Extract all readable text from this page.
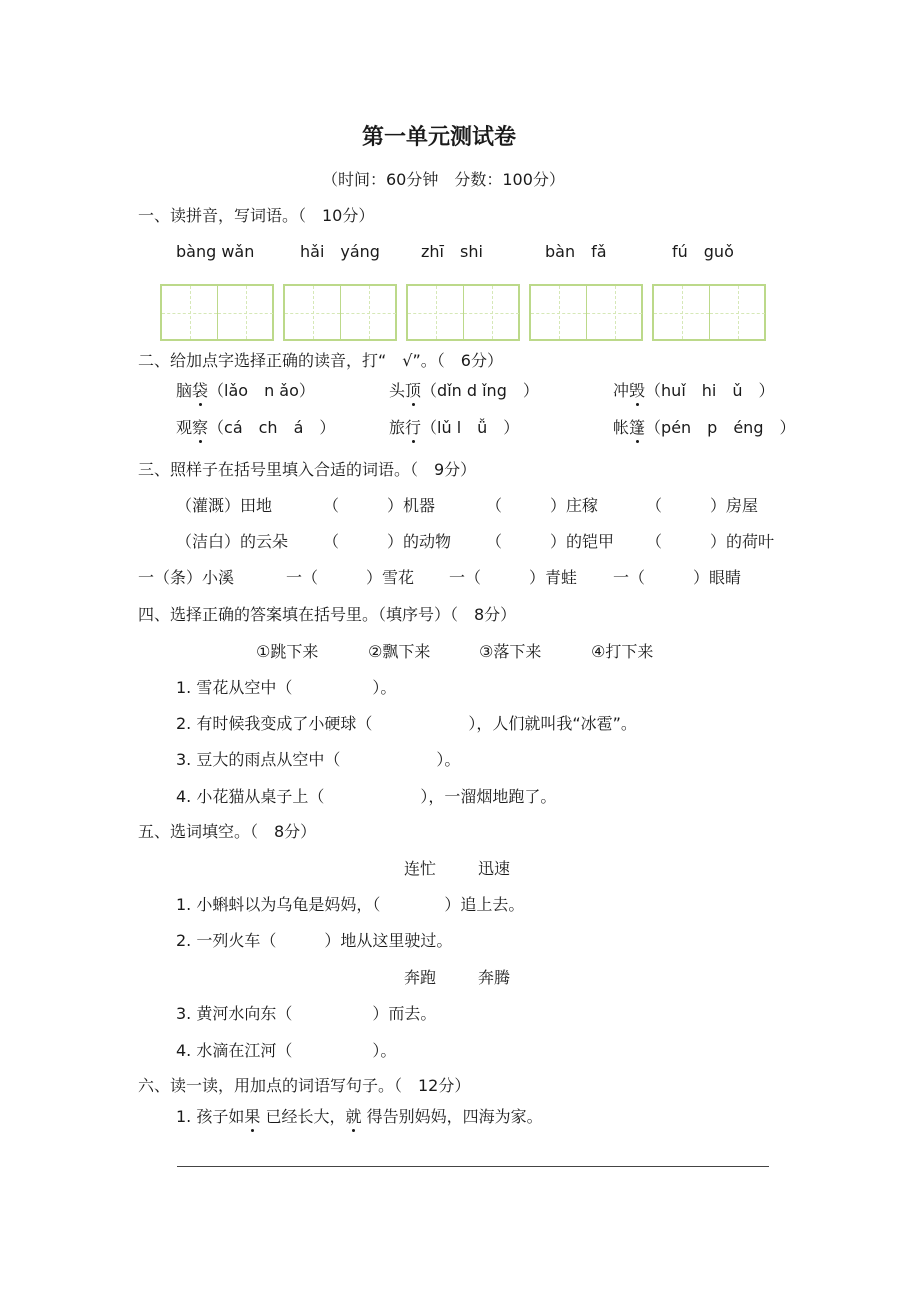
第一单元测试卷
（时间：60分钟　分数：100分）
一、读拼音，写词语。（　10分）
bàng wǎn	hǎi　yáng	zhī　shi	bàn　fǎ	fú　guǒ
二、给加点字选择正确的读音，打“　√”。（　6分）
脑袋（lǎo　n ǎo）	头顶（dǐn d ǐng　）	冲毁（huǐ　hi　ǔ　）
观察（cá　ch　á　）	旅行（lǔ l　ǚ　）	帐篷（pén　p　éng　）
三、照样子在括号里填入合适的词语。（　9分）
（灌溉）田地	（　　　）机器	（　　　）庄稼	（　　　）房屋
（洁白）的云朵 （　　　）的动物 （　　　）的铠甲 （　　　）的荷叶
一（条）小溪	一（　　　）雪花 一（　　　）青蛙 一（　　　）眼睛
四、选择正确的答案填在括号里。（填序号）（　8分）
①跳下来	②飘下来	③落下来	④打下来
1. 雪花从空中（　　　　　）。
2. 有时候我变成了小硬球（　　　　　　），人们就叫我“冰雹”。
3. 豆大的雨点从空中（　　　　　　）。
4. 小花猫从桌子上（　　　　　　），一溜烟地跑了。
五、选词填空。（　8分）
连忙	迅速
1. 小蝌蚪以为乌龟是妈妈，（　　　　）追上去。
2. 一列火车（　　　）地从这里驶过。
奔跑	奔腾
3. 黄河水向东（　　　　　）而去。
4. 水滴在江河（　　　　　）。
六、读一读，用加点的词语写句子。（　12分）
1. 孩子如果 已经长大，就 得告别妈妈，四海为家。
